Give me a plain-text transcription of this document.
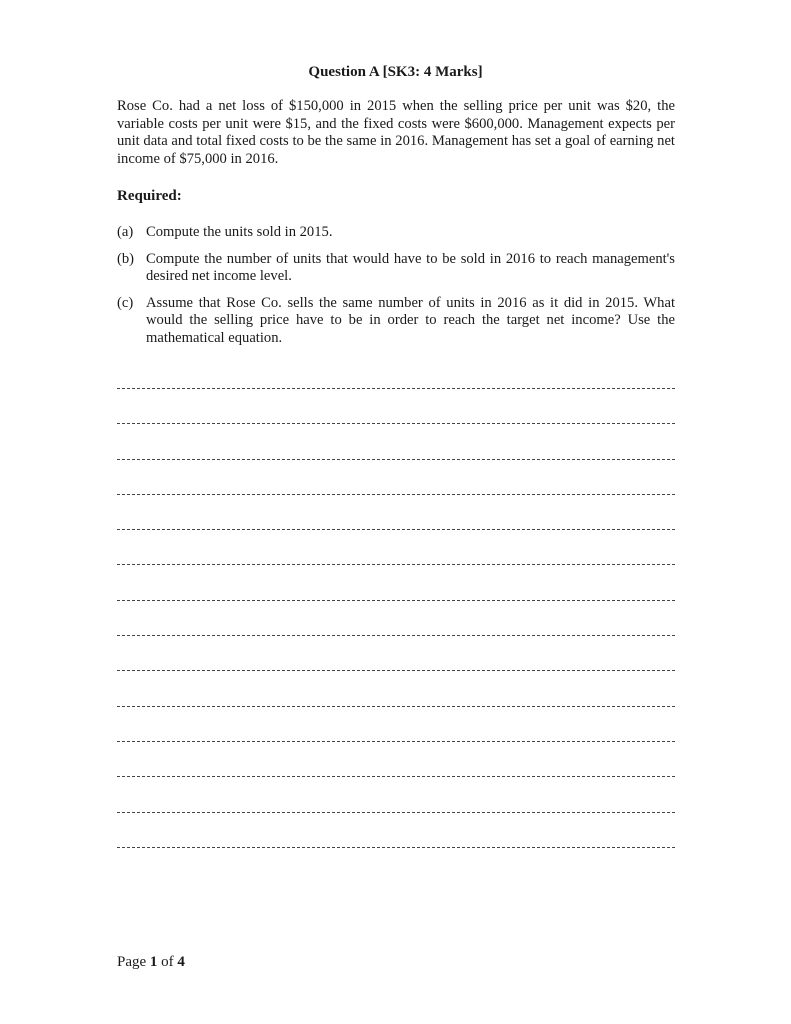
Question A [SK3: 4 Marks]
Rose Co. had a net loss of $150,000 in 2015 when the selling price per unit was $20, the variable costs per unit were $15, and the fixed costs were $600,000. Management expects per unit data and total fixed costs to be the same in 2016. Management has set a goal of earning net income of $75,000 in 2016.
Required:
(a) Compute the units sold in 2015.
(b) Compute the number of units that would have to be sold in 2016 to reach management's desired net income level.
(c) Assume that Rose Co. sells the same number of units in 2016 as it did in 2015. What would the selling price have to be in order to reach the target net income? Use the mathematical equation.
Page 1 of 4
